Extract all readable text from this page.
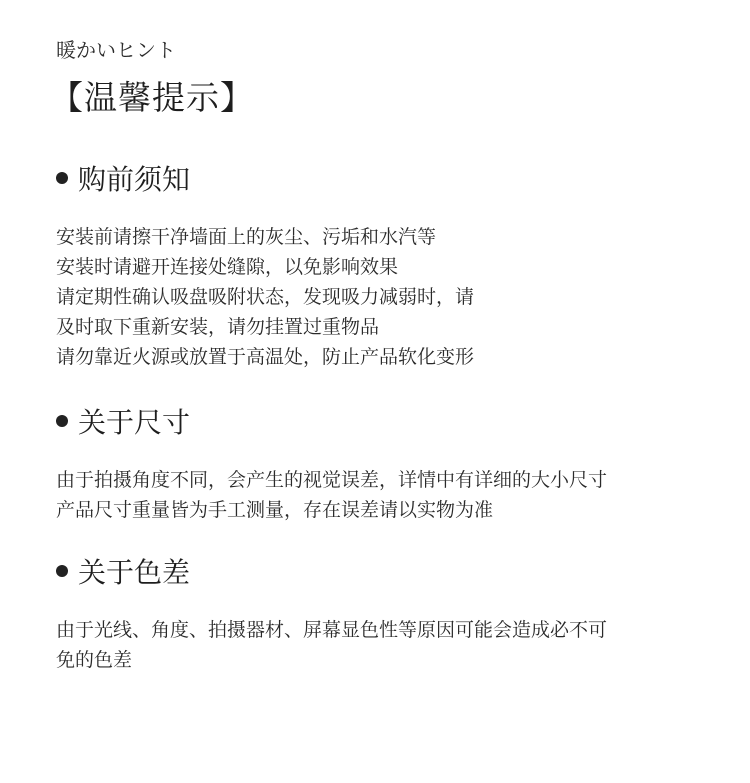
暖かいヒント
【温馨提示】
购前须知
安装前请擦干净墙面上的灰尘、污垢和水汽等
安装时请避开连接处缝隙，以免影响效果
请定期性确认吸盘吸附状态，发现吸力减弱时，请
及时取下重新安装，请勿挂置过重物品
请勿靠近火源或放置于高温处，防止产品软化变形
关于尺寸
由于拍摄角度不同，会产生的视觉误差，详情中有详细的大小尺寸
产品尺寸重量皆为手工测量，存在误差请以实物为准
关于色差
由于光线、角度、拍摄器材、屏幕显色性等原因可能会造成必不可
免的色差
